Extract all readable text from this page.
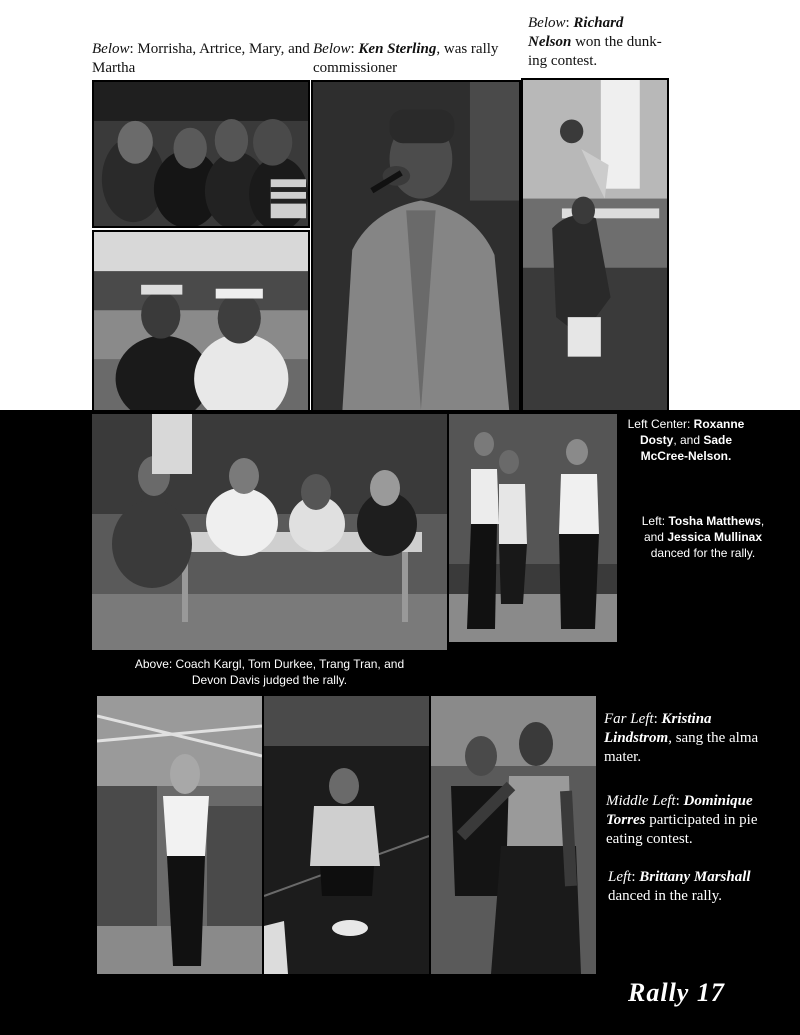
Below: Morrisha, Artrice, Mary, and Martha
Below: Ken Sterling, was rally commissioner
Below: Richard
Nelson won the dunk-
ing contest.
Left Center: Roxanne
Dosty, and Sade
McCree-Nelson.
Left: Tosha Matthews,
and Jessica Mullinax
danced for the rally.
Above: Coach Kargl, Tom Durkee, Trang Tran, and
Devon Davis judged the rally.
Far Left: Kristina
Lindstrom, sang the alma
mater.
Middle Left: Dominique
Torres participated in pie
eating contest.
Left: Brittany Marshall
danced in the rally.
Rally 17
